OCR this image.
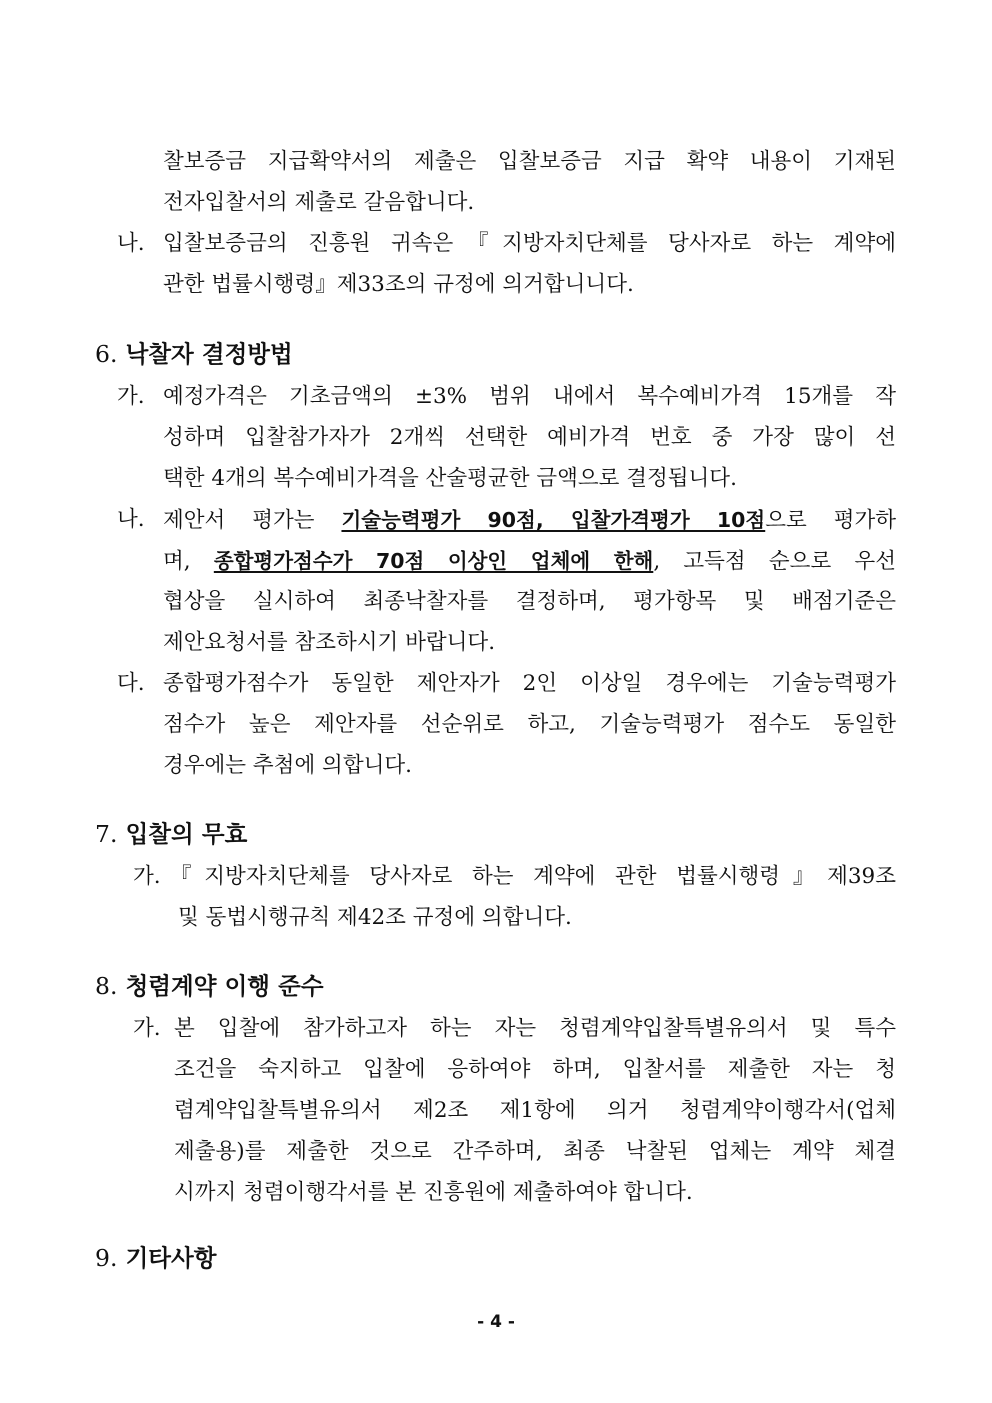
찰보증금 지급확약서의 제출은 입찰보증금 지급 확약 내용이 기재된
전자입찰서의 제출로 갈음합니다.
나. 입찰보증금의 진흥원 귀속은『지방자치단체를 당사자로 하는 계약에
관한 법률시행령』제33조의 규정에 의거합니니다.
6. 낙찰자 결정방법
가. 예정가격은 기초금액의 ±3% 범위 내에서 복수예비가격 15개를 작
성하며 입찰참가자가 2개씩 선택한 예비가격 번호 중 가장 많이 선
택한 4개의 복수예비가격을 산술평균한 금액으로 결정됩니다.
나. 제안서 평가는 기술능력평가 90점, 입찰가격평가 10점으로 평가하
며, 종합평가점수가 70점 이상인 업체에 한해, 고득점 순으로 우선
협상을 실시하여 최종낙찰자를 결정하며, 평가항목 및 배점기준은
제안요청서를 참조하시기 바랍니다.
다. 종합평가점수가 동일한 제안자가 2인 이상일 경우에는 기술능력평가
점수가 높은 제안자를 선순위로 하고, 기술능력평가 점수도 동일한
경우에는 추첨에 의합니다.
7. 입찰의 무효
가. 『지방자치단체를 당사자로 하는 계약에 관한 법률시행령』제39조
및 동법시행규칙 제42조 규정에 의합니다.
8. 청렴계약 이행 준수
가. 본 입찰에 참가하고자 하는 자는 청렴계약입찰특별유의서 및 특수
조건을 숙지하고 입찰에 응하여야 하며, 입찰서를 제출한 자는 청
렴계약입찰특별유의서 제2조 제1항에 의거 청렴계약이행각서(업체
제출용)를 제출한 것으로 간주하며, 최종 낙찰된 업체는 계약 체결
시까지 청렴이행각서를 본 진흥원에 제출하여야 합니다.
9. 기타사항
- 4 -
